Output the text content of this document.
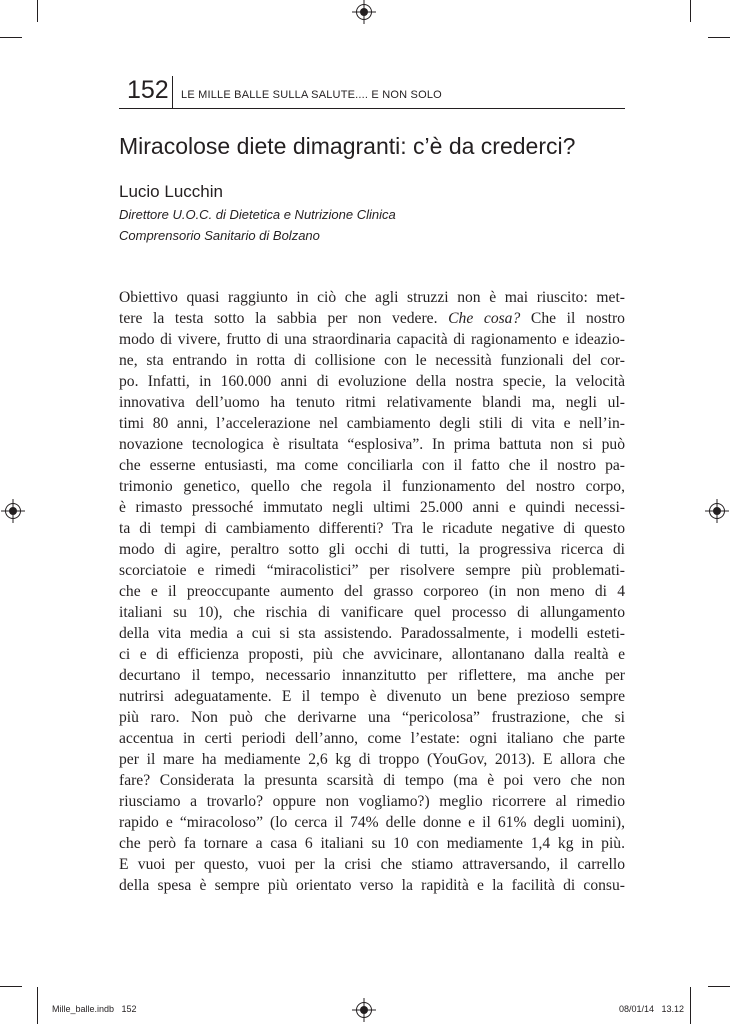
152 LE MILLE BALLE SULLA SALUTE.... E NON SOLO
Miracolose diete dimagranti: c’è da crederci?
Lucio Lucchin
Direttore U.O.C. di Dietetica e Nutrizione Clinica
Comprensorio Sanitario di Bolzano
Obiettivo quasi raggiunto in ciò che agli struzzi non è mai riuscito: met-
tere la testa sotto la sabbia per non vedere. Che cosa? Che il nostro
modo di vivere, frutto di una straordinaria capacità di ragionamento e ideazio-
ne, sta entrando in rotta di collisione con le necessità funzionali del cor-
po. Infatti, in 160.000 anni di evoluzione della nostra specie, la velocità
innovativa dell’uomo ha tenuto ritmi relativamente blandi ma, negli ul-
timi 80 anni, l’accelerazione nel cambiamento degli stili di vita e nell’in-
novazione tecnologica è risultata “esplosiva”. In prima battuta non si può
che esserne entusiasti, ma come conciliarla con il fatto che il nostro pa-
trimonio genetico, quello che regola il funzionamento del nostro corpo,
è rimasto pressoché immutato negli ultimi 25.000 anni e quindi necessi-
ta di tempi di cambiamento differenti? Tra le ricadute negative di questo
modo di agire, peraltro sotto gli occhi di tutti, la progressiva ricerca di
scorciatoie e rimedi “miracolistici” per risolvere sempre più problemati-
che e il preoccupante aumento del grasso corporeo (in non meno di 4
italiani su 10), che rischia di vanificare quel processo di allungamento
della vita media a cui si sta assistendo. Paradossalmente, i modelli esteti-
ci e di efficienza proposti, più che avvicinare, allontanano dalla realtà e
decurtano il tempo, necessario innanzitutto per riflettere, ma anche per
nutrirsi adeguatamente. E il tempo è divenuto un bene prezioso sempre
più raro. Non può che derivarne una “pericolosa” frustrazione, che si
accentua in certi periodi dell’anno, come l’estate: ogni italiano che parte
per il mare ha mediamente 2,6 kg di troppo (YouGov, 2013). E allora che
fare? Considerata la presunta scarsità di tempo (ma è poi vero che non
riusciamo a trovarlo? oppure non vogliamo?) meglio ricorrere al rimedio
rapido e “miracoloso” (lo cerca il 74% delle donne e il 61% degli uomini),
che però fa tornare a casa 6 italiani su 10 con mediamente 1,4 kg in più.
E vuoi per questo, vuoi per la crisi che stiamo attraversando, il carrello
della spesa è sempre più orientato verso la rapidità e la facilità di consu-
Mille_balle.indb   152	08/01/14   13.12
